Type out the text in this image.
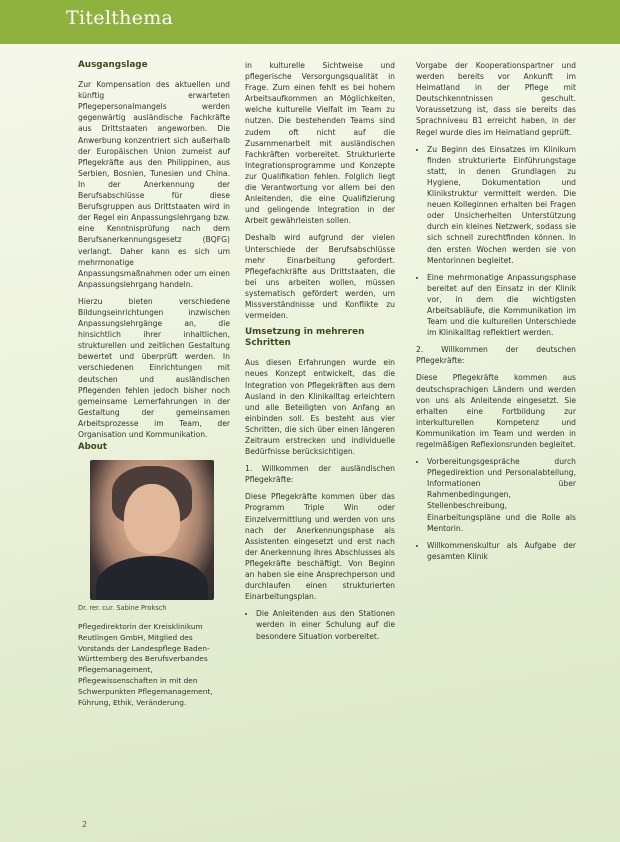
Titelthema
Ausgangslage

Zur Kompensation des aktuellen und künftig erwarteten Pflegepersonalmangels werden gegenwärtig ausländische Fachkräfte aus Drittstaaten angeworben. Die Anwerbung konzentriert sich außerhalb der Europäischen Union zumeist auf Pflegekräfte aus den Philippinen, aus Serbien, Bosnien, Tunesien und China. In der Anerkennung der Berufsabschlüsse für diese Berufsgruppen aus Drittstaaten wird in der Regel ein Anpassungslehrgang bzw. eine Kenntnisprüfung nach dem Berufsanerkennungsgesetz (BQFG) verlangt. Daher kann es sich um mehrmonatige Anpassungsmaßnahmen oder um einen Anpassungslehrgang handeln.

Hierzu bieten verschiedene Bildungseinrichtungen inzwischen Anpassungslehrgänge an, die hinsichtlich ihrer inhaltlichen, strukturellen und zeitlichen Gestaltung bewertet und überprüft werden. In verschiedenen Einrichtungen mit deutschen und ausländischen Pflegenden fehlen jedoch bisher noch gemeinsame Lernerfahrungen in der Gestaltung der gemeinsamen Arbeitsprozesse im Team, der Organisation und Kommunikation.

About
Dr. rer. cur. Sabine Proksch
Pflegedirektorin der Kreisklinikum Reutlingen GmbH, Mitglied des Vorstands der Landespflege Baden-Württemberg des Berufsverbandes Pflegemanagement, Pflegewissenschaften in mit den Schwerpunkten Pflegemanagement, Führung, Ethik, Veränderung.

in kulturelle Sichtweise und pflegerische Versorgungsqualität in Frage. Zum einen fehlt es bei hohem Arbeitsaufkommen an Möglichkeiten, welche kulturelle Vielfalt im Team zu nutzen. Die bestehenden Teams sind zudem oft nicht auf die Zusammenarbeit mit ausländischen Fachkräften vorbereitet. Strukturierte Integrationsprogramme und Konzepte zur Qualifikation fehlen. Folglich liegt die Verantwortung vor allem bei den Anleitenden, die eine Qualifizierung und gelingende Integration in der Arbeit gewährleisten sollen.

Deshalb wird aufgrund der vielen Unterschiede der Berufsabschlüsse mehr Einarbeitung gefordert. Pflegefachkräfte aus Drittstaaten, die bei uns arbeiten wollen, müssen systematisch gefördert werden, um Missverständnisse und Konflikte zu vermeiden.

Umsetzung in mehreren Schritten

Aus diesen Erfahrungen wurde ein neues Konzept entwickelt, das die Integration von Pflegekräften aus dem Ausland in den Klinikalltag erleichtern und alle Beteiligten von Anfang an einbinden soll. Es besteht aus vier Schritten, die sich über einen längeren Zeitraum erstrecken und individuelle Bedürfnisse berücksichtigen.

1. Willkommen der ausländischen Pflegekräfte:

Diese Pflegekräfte kommen über das Programm Triple Win oder Einzelvermittlung und werden von uns nach der Anerkennungsphase als Assistenten eingesetzt und erst nach der Anerkennung ihres Abschlusses als Pflegekräfte beschäftigt. Von Beginn an haben sie eine Ansprechperson und durchlaufen einen strukturierten Einarbeitungsplan.

• Die Anleitenden aus den Stationen werden in einer Schulung auf die besondere Situation vorbereitet.

Vorgabe der Kooperationspartner und werden bereits vor Ankunft im Heimatland in der Pflege mit Deutschkenntnissen geschult. Voraussetzung ist, dass sie bereits das Sprachniveau B1 erreicht haben, in der Regel wurde dies im Heimatland geprüft.

• Zu Beginn des Einsatzes im Klinikum finden strukturierte Einführungstage statt, in denen Grundlagen zu Hygiene, Dokumentation und Klinikstruktur vermittelt werden. Die neuen Kolleginnen erhalten bei Fragen oder Unsicherheiten Unterstützung durch ein kleines Netzwerk, sodass sie sich schnell zurechtfinden können. In den ersten Wochen werden sie von Mentorinnen begleitet.
• Eine mehrmonatige Anpassungsphase bereitet auf den Einsatz in der Klinik vor, in dem die wichtigsten Arbeitsabläufe, die Kommunikation im Team und die kulturellen Unterschiede im Klinikalltag reflektiert werden.

2. Willkommen der deutschen Pflegekräfte:

Diese Pflegekräfte kommen aus deutschsprachigen Ländern und werden von uns als Anleitende eingesetzt. Sie erhalten eine Fortbildung zur interkulturellen Kompetenz und Kommunikation im Team und werden in regelmäßigen Reflexionsrunden begleitet.

• Vorbereitungsgespräche durch Pflegedirektion und Personalabteilung, Informationen über Rahmenbedingungen, Stellenbeschreibung, Einarbeitungspläne und die Rolle als Mentorin.
• Willkommenskultur als Aufgabe der gesamten Klinik
2
